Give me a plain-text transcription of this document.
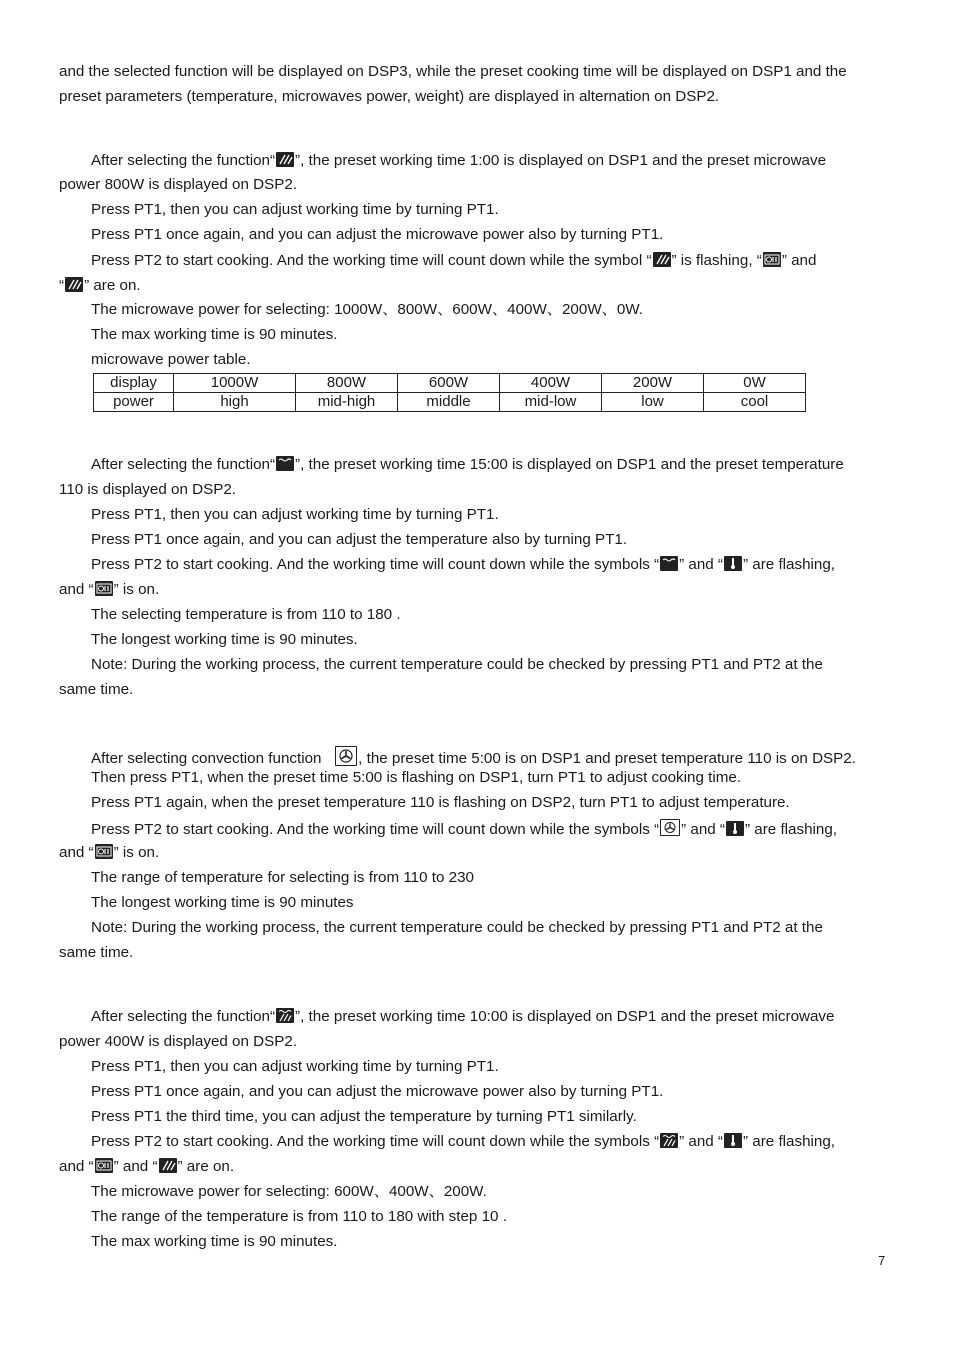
and the selected function will be displayed on DSP3, while the preset cooking time will be displayed on DSP1 and the
preset parameters (temperature, microwaves power, weight) are displayed in alternation on DSP2.
After selecting the function“ ”, the preset working time 1:00 is displayed on DSP1 and the preset microwave
power 800W is displayed on DSP2.
Press PT1, then you can adjust working time by turning PT1.
Press PT1 once again, and you can adjust the microwave power also by turning PT1.
Press PT2 to start cooking. And the working time will count down while the symbol “ ” is flashing, “ ” and
“ ” are on.
The microwave power for selecting: 1000W、800W、600W、400W、200W、0W.
The max working time is 90 minutes.
microwave power table.
display	1000W	800W	600W	400W	200W	0W
power	high	mid-high	middle	mid-low	low	cool
After selecting the function“ ”, the preset working time 15:00 is displayed on DSP1 and the preset temperature
110 is displayed on DSP2.
Press PT1, then you can adjust working time by turning PT1.
Press PT1 once again, and you can adjust the temperature also by turning PT1.
Press PT2 to start cooking. And the working time will count down while the symbols “ ” and “ ” are flashing,
and “ ” is on.
The selecting temperature is from 110 to 180 .
The longest working time is 90 minutes.
Note: During the working process, the current temperature could be checked by pressing PT1 and PT2 at the
same time.
After selecting convection function , the preset time 5:00 is on DSP1 and preset temperature 110 is on DSP2.
Then press PT1, when the preset time 5:00 is flashing on DSP1, turn PT1 to adjust cooking time.
Press PT1 again, when the preset temperature 110 is flashing on DSP2, turn PT1 to adjust temperature.
Press PT2 to start cooking. And the working time will count down while the symbols “ ” and “ ” are flashing,
and “ ” is on.
The range of temperature for selecting is from 110 to 230
The longest working time is 90 minutes
Note: During the working process, the current temperature could be checked by pressing PT1 and PT2 at the
same time.
After selecting the function“ ”, the preset working time 10:00 is displayed on DSP1 and the preset microwave
power 400W is displayed on DSP2.
Press PT1, then you can adjust working time by turning PT1.
Press PT1 once again, and you can adjust the microwave power also by turning PT1.
Press PT1 the third time, you can adjust the temperature by turning PT1 similarly.
Press PT2 to start cooking. And the working time will count down while the symbols “ ” and “ ” are flashing,
and “ ” and “ ” are on.
The microwave power for selecting: 600W、400W、200W.
The range of the temperature is from 110 to 180 with step 10 .
The max working time is 90 minutes.
7
